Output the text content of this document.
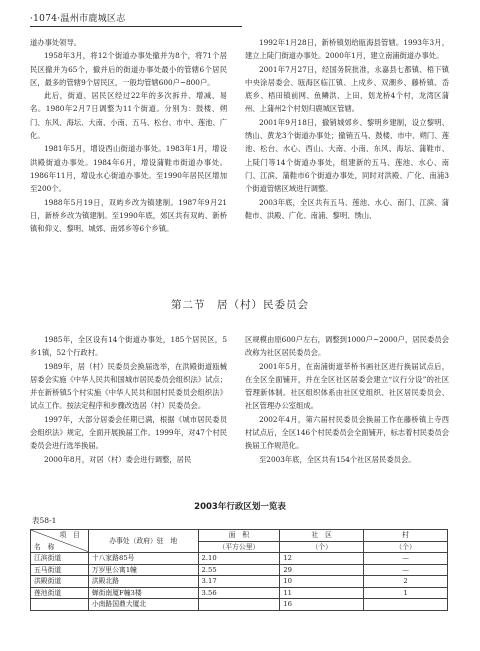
·1074·温州市鹿城区志

道办事处领导。

1958年3月，将12个街道办事处撤并为8个，将71个居民区撤并为65个，撤并后的街道办事处最小的管辖6个居民区，最多的管辖9个居民区，一般均管辖600户~800户。

此后，街道、居民区经过22年的多次拆并、增减、易名。1980年2月7日调整为11个街道。分别为：鼓楼、朔门、东风、海坛、大南、小南、五马、松台、市中、莲池、广化。

1981年5月，增设西山街道办事处。1983年1月，增设洪殿街道办事处。1984年6月，增设蒲鞋市街道办事处。1986年11月，增设水心街道办事处。至1990年居民区增加至200个。

1988年5月19日，双屿乡改为镇建制。1987年9月21日，新桥乡改为镇建制。至1990年底，郊区共有双屿、新桥镇和仰义、黎明、城郊、南郊乡等6个乡镇。

1992年1月28日，新桥镇划给瓯海县管辖。1993年3月，建立上陡门街道办事处。2000年1月，建立南浦街道办事处。

2001年7月27日，经国务院批准，永嘉县七都镇、梧下镇中央涂居委会、瓯海区临江镇、上戍乡、双潮乡、藤桥镇、岙底乡、梧田镇前网、鱼鳞洪、上田、划龙桥4个村，龙湾区蒲州、上蒲州2个村划归鹿城区管辖。

2001年9月18日，撤销城郊乡、黎明乡建制，设立黎明、绣山、黄龙3个街道办事处；撤销五马、鼓楼、市中、朔门、莲池、松台、水心、西山、大南、小南、东风、海坛、蒲鞋市、上陡门等14个街道办事处，组建新的五马、莲池、水心、南门、江滨、蒲鞋市6个街道办事处，同时对洪殿、广化、南浦3个街道管辖区域进行调整。

2003年底，全区共有五马、莲池、水心、南门、江滨、蒲鞋市、洪殿、广化、南浦、黎明、绣山、

第二节　居（村）民委员会

1985年，全区设有14个街道办事处，185个居民区，5乡1镇，52个行政村。

1989年，居（村）民委员会换届选举，在洪殿街道瓯械居委会实施《中华人民共和国城市居民委员会组织法》试点；并在新桥镇5个村实施《中华人民共和国村民委员会组织法》试点工作。按法定程序和步骤改选居（村）民委员会。

1997年，大部分居委会任期已满，根据《城市居民委员会组织法》规定，全面开展换届工作。1999年，对47个村民委员会进行选举换届。

2000年8月，对居（村）委会进行调整，居民

区规模由原600户左右，调整到1000户~2000户，居民委员会改称为社区居民委员会。

2001年5月，在南浦街道莘桥书画社区进行换届试点后，在全区全面铺开，并在全区社区居委会建立“议行分设”的社区管理新体制。社区组织体系由社区党组织、社区居民委员会、社区管理办公室组成。

2002年4月，第六届村民委员会换届工作在藤桥镇上寺西村试点后，全区146个村民委员会全面铺开，标志着村民委员会换届工作规范化。

至2003年底，全区共有154个社区居民委员会。

2003年行政区划一览表
表58-1
项　目
名　称	办事处（政府）驻　地	面　积	社　区	村
		（平方公里）	（个）	（个）
江滨街道	十八家路85号	2.10	12	—
五马街道	万岁里公寓1幢	2.55	29	—
洪殿街道	洪殿北路	3.17	10	2
莲池街道	蝉街南厦F幢3楼	3.56	11	1
	小南路国鼎大厦北		16	
